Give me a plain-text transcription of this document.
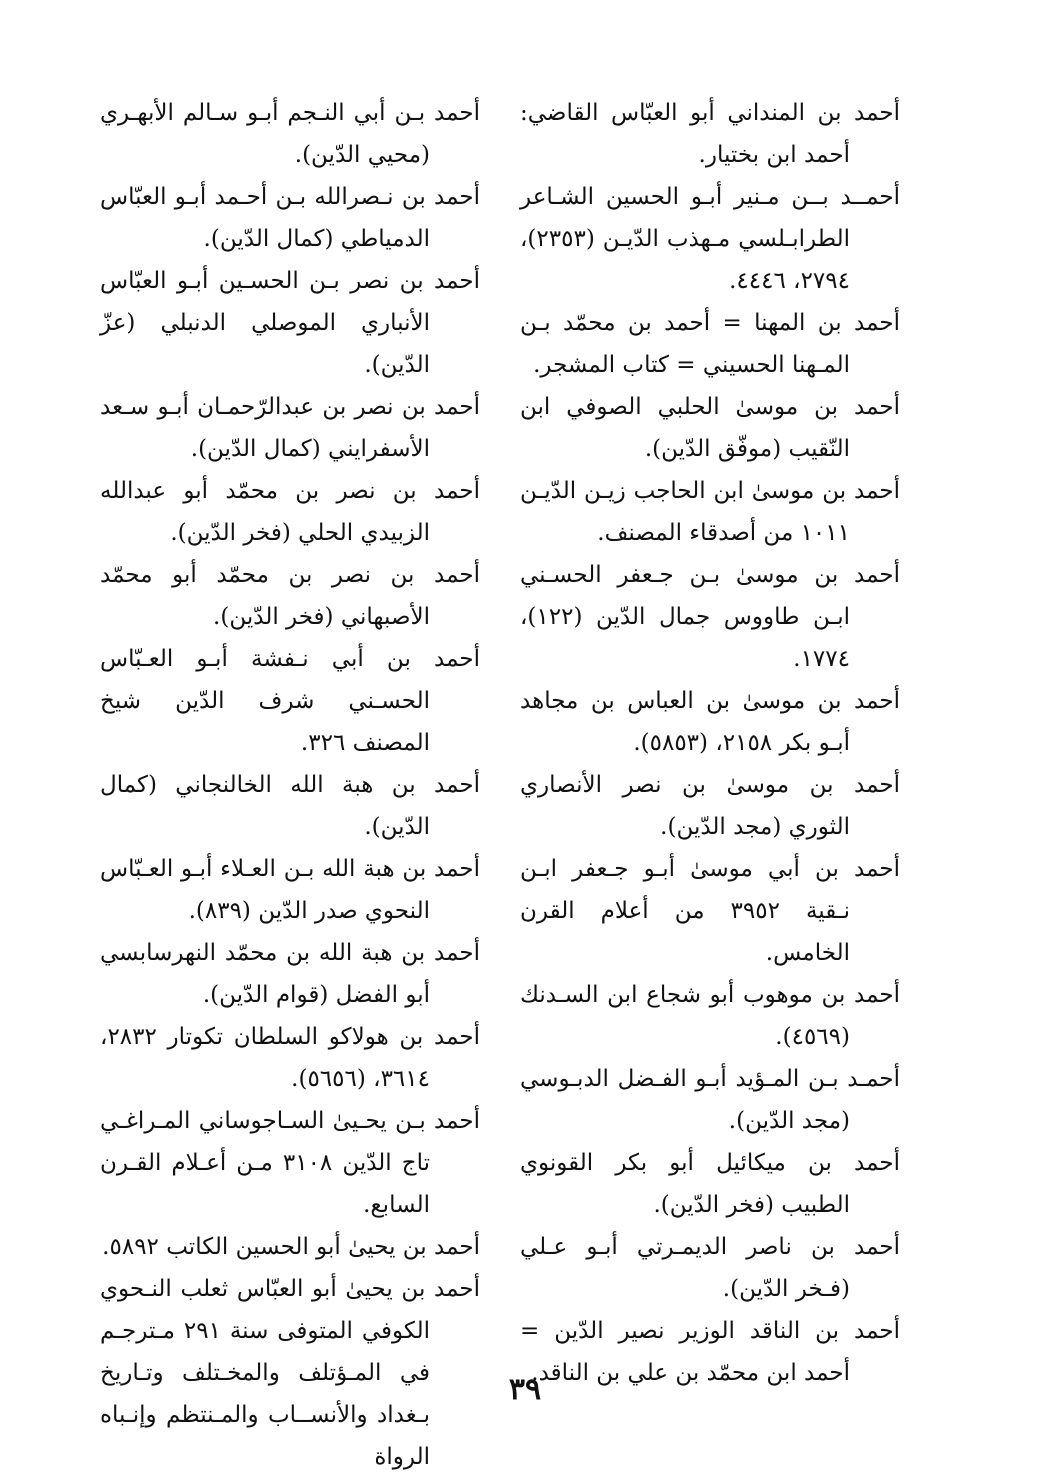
أحمد بن المنداني أبو العبّاس القاضي: أحمد ابن بختيار.

أحمــد بــن مـنير أبـو الحسين الشـاعر الطرابـلسي مـهذب الدّيـن (٢٣٥٣)، ٢٧٩٤، ٤٤٤٦.

أحمد بن المهنا = أحمد بن محمّد بـن المـهنا الحسيني = كتاب المشجر.

أحمد بن موسىٰ الحلبي الصوفي ابن النّقيب (موفّق الدّين).

أحمد بن موسىٰ ابن الحاجب زيـن الدّيـن ١٠١١ من أصدقاء المصنف.

أحمد بن موسىٰ بـن جـعفر الحسـني ابـن طاووس جمال الدّين (١٢٢)، ١٧٧٤.

أحمد بن موسىٰ بن العباس بن مجاهد أبـو بكر ٢١٥٨، (٥٨٥٣).

أحمد بن موسىٰ بن نصر الأنصاري الثوري (مجد الدّين).

أحمد بن أبي موسىٰ أبـو جـعفر ابـن نـقية ٣٩٥٢ من أعلام القرن الخامس.

أحمد بن موهوب أبو شجاع ابن السـدنك (٤٥٦٩).

أحمـد بـن المـؤيد أبـو الفـضل الدبـوسي (مجد الدّين).

أحمد بن ميكائيل أبو بكر القونوي الطبيب (فخر الدّين).

أحمد بن ناصر الديمـرتي أبـو عـلي (فـخر الدّين).

أحمد بن الناقد الوزير نصير الدّين = أحمد ابن محمّد بن علي بن الناقد.

أحمد بـن أبي النـجم أبـو سـالم الأبهـري (محيي الدّين).

أحمد بن نـصرالله بـن أحـمد أبـو العبّاس الدمياطي (كمال الدّين).

أحمد بن نصر بـن الحسـين أبـو العبّاس الأنباري الموصلي الدنبلي (عزّ الدّين).

أحمد بن نصر بن عبدالرّحمـان أبـو سـعد الأسفرايني (كمال الدّين).

أحمد بن نصر بن محمّد أبو عبدالله الزبيدي الحلي (فخر الدّين).

أحمد بن نصر بن محمّد أبو محمّد الأصبهاني (فخر الدّين).

أحمد بن أبي نـفشة أبـو العـبّاس الحسـني شرف الدّين شيخ المصنف ٣٢٦.

أحمد بن هبة الله الخالنجاني (كمال الدّين).

أحمد بن هبة الله بـن العـلاء أبـو العـبّاس النحوي صدر الدّين (٨٣٩).

أحمد بن هبة الله بن محمّد النهرسابسي أبو الفضل (قوام الدّين).

أحمد بن هولاكو السلطان تكوتار ٢٨٣٢، ٣٦١٤، (٥٦٥٦).

أحمد بـن يحـيىٰ السـاجوساني المـراغـي تاج الدّين ٣١٠٨ مـن أعـلام القـرن السابع.

أحمد بن يحيىٰ أبو الحسين الكاتب ٥٨٩٢.

أحمد بن يحيىٰ أبو العبّاس ثعلب النـحوي الكوفي المتوفى سنة ٢٩١ مـترجـم في المـؤتلف والمخـتلف وتـاريخ بـغداد والأنســاب والمـنتظم وإنـباه الرواة

٣٩
